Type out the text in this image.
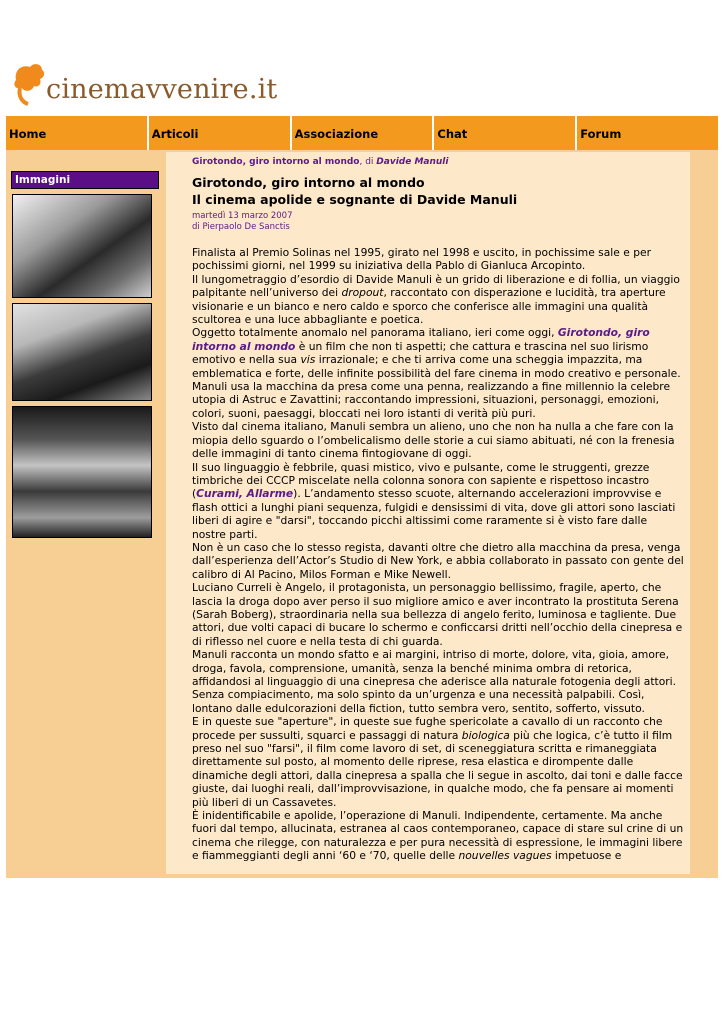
cinemavvenire.it
Home	Articoli	Associazione	Chat	Forum
Immagini
Girotondo, giro intorno al mondo, di Davide Manuli
Girotondo, giro intorno al mondo
Il cinema apolide e sognante di Davide Manuli
martedì 13 marzo 2007
di Pierpaolo De Sanctis

Finalista al Premio Solinas nel 1995, girato nel 1998 e uscito, in pochissime sale e per pochissimi giorni, nel 1999 su iniziativa della Pablo di Gianluca Arcopinto.

Il lungometraggio d’esordio di Davide Manuli è un grido di liberazione e di follia, un viaggio palpitante nell’universo dei dropout, raccontato con disperazione e lucidità, tra aperture visionarie e un bianco e nero caldo e sporco che conferisce alle immagini una qualità scultorea e una luce abbagliante e poetica.

Oggetto totalmente anomalo nel panorama italiano, ieri come oggi, Girotondo, giro intorno al mondo è un film che non ti aspetti; che cattura e trascina nel suo lirismo emotivo e nella sua vis irrazionale; e che ti arriva come una scheggia impazzita, ma emblematica e forte, delle infinite possibilità del fare cinema in modo creativo e personale.

Manuli usa la macchina da presa come una penna, realizzando a fine millennio la celebre utopia di Astruc e Zavattini; raccontando impressioni, situazioni, personaggi, emozioni, colori, suoni, paesaggi, bloccati nei loro istanti di verità più puri.

Visto dal cinema italiano, Manuli sembra un alieno, uno che non ha nulla a che fare con la miopia dello sguardo o l’ombelicalismo delle storie a cui siamo abituati, né con la frenesia delle immagini di tanto cinema fintogiovane di oggi.

Il suo linguaggio è febbrile, quasi mistico, vivo e pulsante, come le struggenti, grezze timbriche dei CCCP miscelate nella colonna sonora con sapiente e rispettoso incastro (Curami, Allarme). L’andamento stesso scuote, alternando accelerazioni improvvise e flash ottici a lunghi piani sequenza, fulgidi e densissimi di vita, dove gli attori sono lasciati liberi di agire e "darsi", toccando picchi altissimi come raramente si è visto fare dalle nostre parti.

Non è un caso che lo stesso regista, davanti oltre che dietro alla macchina da presa, venga dall’esperienza dell’Actor’s Studio di New York, e abbia collaborato in passato con gente del calibro di Al Pacino, Milos Forman e Mike Newell.

Luciano Curreli è Angelo, il protagonista, un personaggio bellissimo, fragile, aperto, che lascia la droga dopo aver perso il suo migliore amico e aver incontrato la prostituta Serena (Sarah Boberg), straordinaria nella sua bellezza di angelo ferito, luminosa e tagliente. Due attori, due volti capaci di bucare lo schermo e conficcarsi dritti nell’occhio della cinepresa e di riflesso nel cuore e nella testa di chi guarda.

Manuli racconta un mondo sfatto e ai margini, intriso di morte, dolore, vita, gioia, amore, droga, favola, comprensione, umanità, senza la benché minima ombra di retorica, affidandosi al linguaggio di una cinepresa che aderisce alla naturale fotogenia degli attori.

Senza compiacimento, ma solo spinto da un’urgenza e una necessità palpabili. Così, lontano dalle edulcorazioni della fiction, tutto sembra vero, sentito, sofferto, vissuto.

E in queste sue "aperture", in queste sue fughe spericolate a cavallo di un racconto che procede per sussulti, squarci e passaggi di natura biologica più che logica, c’è tutto il film preso nel suo "farsi", il film come lavoro di set, di sceneggiatura scritta e rimaneggiata direttamente sul posto, al momento delle riprese, resa elastica e dirompente dalle dinamiche degli attori, dalla cinepresa a spalla che li segue in ascolto, dai toni e dalle facce giuste, dai luoghi reali, dall’improvvisazione, in qualche modo, che fa pensare ai momenti più liberi di un Cassavetes.

È inidentificabile e apolide, l’operazione di Manuli. Indipendente, certamente. Ma anche fuori dal tempo, allucinata, estranea al caos contemporaneo, capace di stare sul crine di un cinema che rilegge, con naturalezza e per pura necessità di espressione, le immagini libere e fiammeggianti degli anni ‘60 e ‘70, quelle delle nouvelles vagues impetuose e
